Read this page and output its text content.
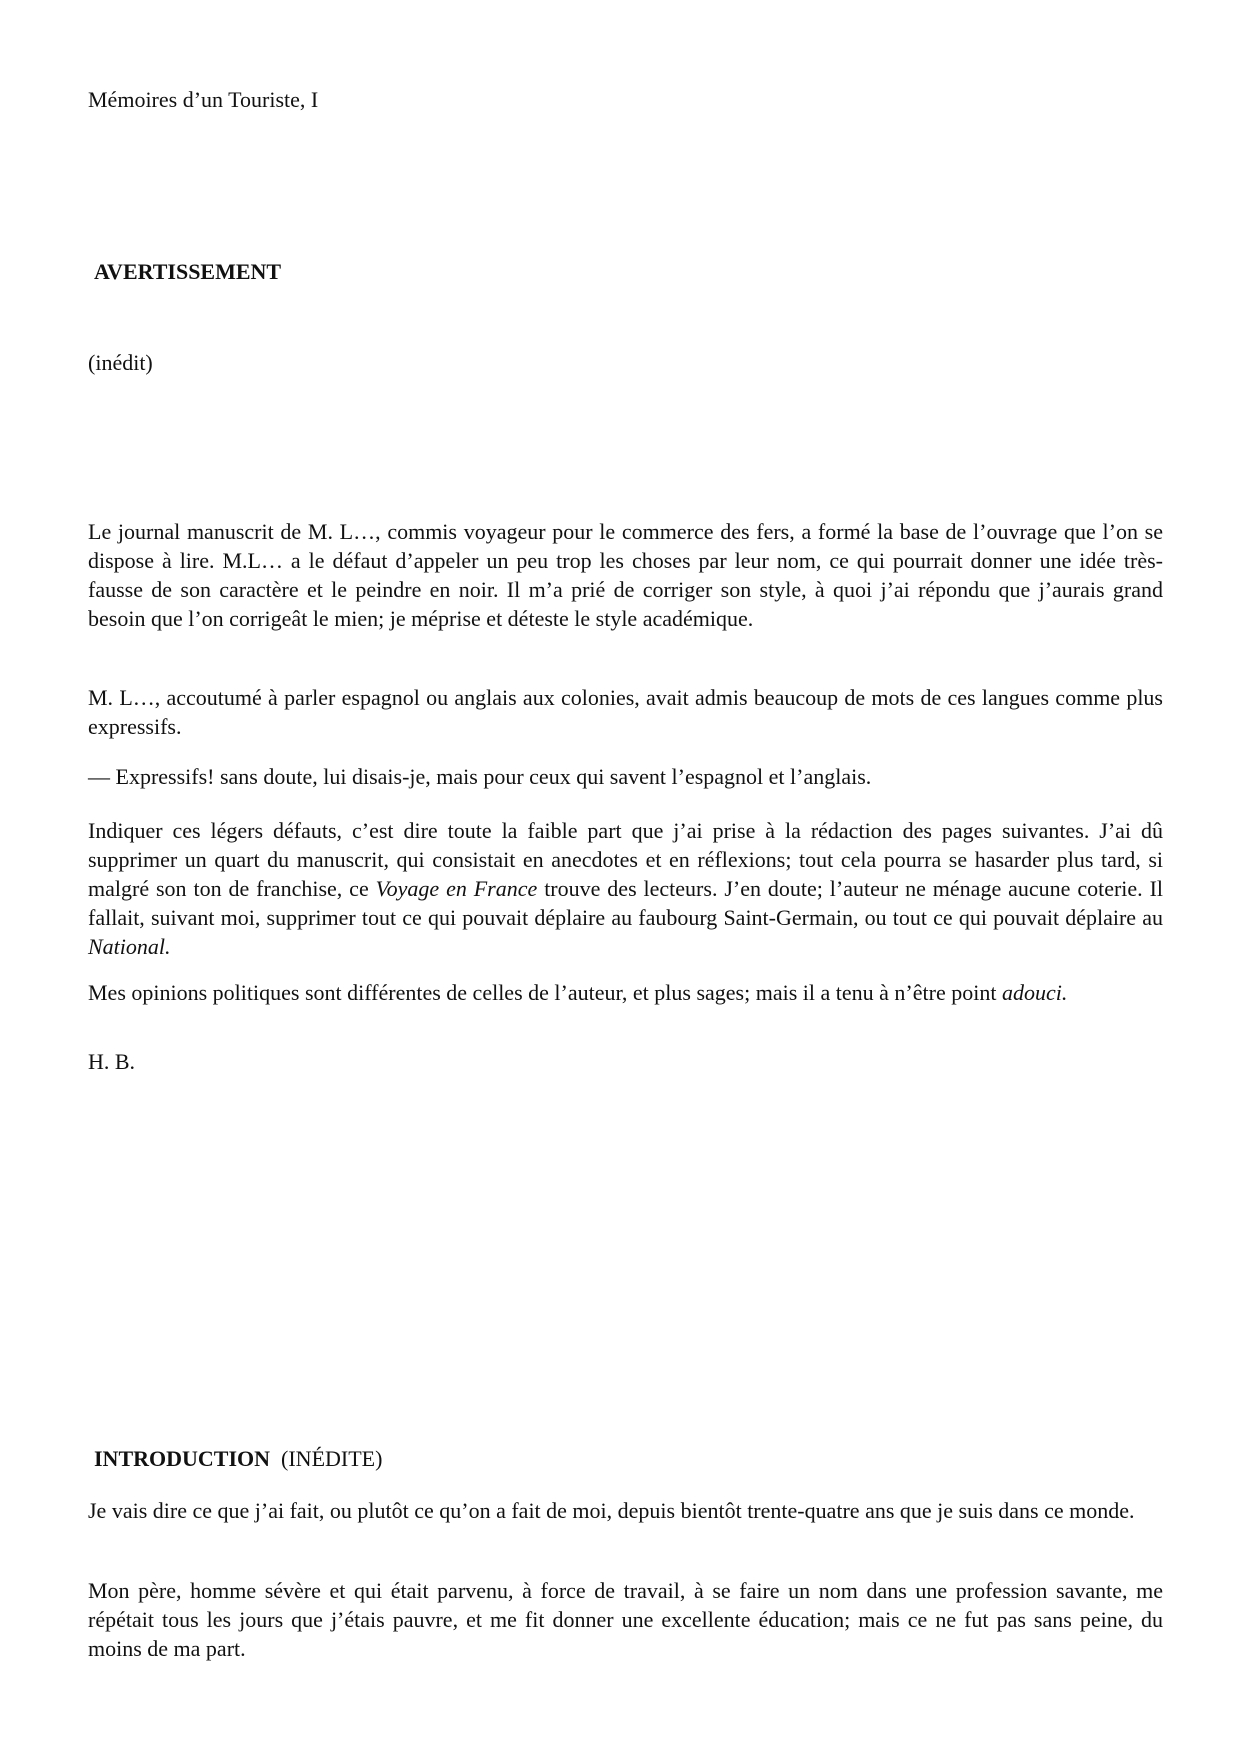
Mémoires d’un Touriste, I
AVERTISSEMENT
(inédit)

Le journal manuscrit de M. L…, commis voyageur pour le commerce des fers, a formé la base de l’ouvrage que l’on se dispose à lire. M.L… a le défaut d’appeler un peu trop les choses par leur nom, ce qui pourrait donner une idée très-fausse de son caractère et le peindre en noir. Il m’a prié de corriger son style, à quoi j’ai répondu que j’aurais grand besoin que l’on corrigeât le mien; je méprise et déteste le style académique.

M. L…, accoutumé à parler espagnol ou anglais aux colonies, avait admis beaucoup de mots de ces langues comme plus expressifs.

— Expressifs! sans doute, lui disais-je, mais pour ceux qui savent l’espagnol et l’anglais.

Indiquer ces légers défauts, c’est dire toute la faible part que j’ai prise à la rédaction des pages suivantes. J’ai dû supprimer un quart du manuscrit, qui consistait en anecdotes et en réflexions; tout cela pourra se hasarder plus tard, si malgré son ton de franchise, ce Voyage en France trouve des lecteurs. J’en doute; l’auteur ne ménage aucune coterie. Il fallait, suivant moi, supprimer tout ce qui pouvait déplaire au faubourg Saint-Germain, ou tout ce qui pouvait déplaire au National.

Mes opinions politiques sont différentes de celles de l’auteur, et plus sages; mais il a tenu à n’être point adouci.

H. B.
INTRODUCTION (INÉDITE)

Je vais dire ce que j’ai fait, ou plutôt ce qu’on a fait de moi, depuis bientôt trente-quatre ans que je suis dans ce monde.

Mon père, homme sévère et qui était parvenu, à force de travail, à se faire un nom dans une profession savante, me répétait tous les jours que j’étais pauvre, et me fit donner une excellente éducation; mais ce ne fut pas sans peine, du moins de ma part.
